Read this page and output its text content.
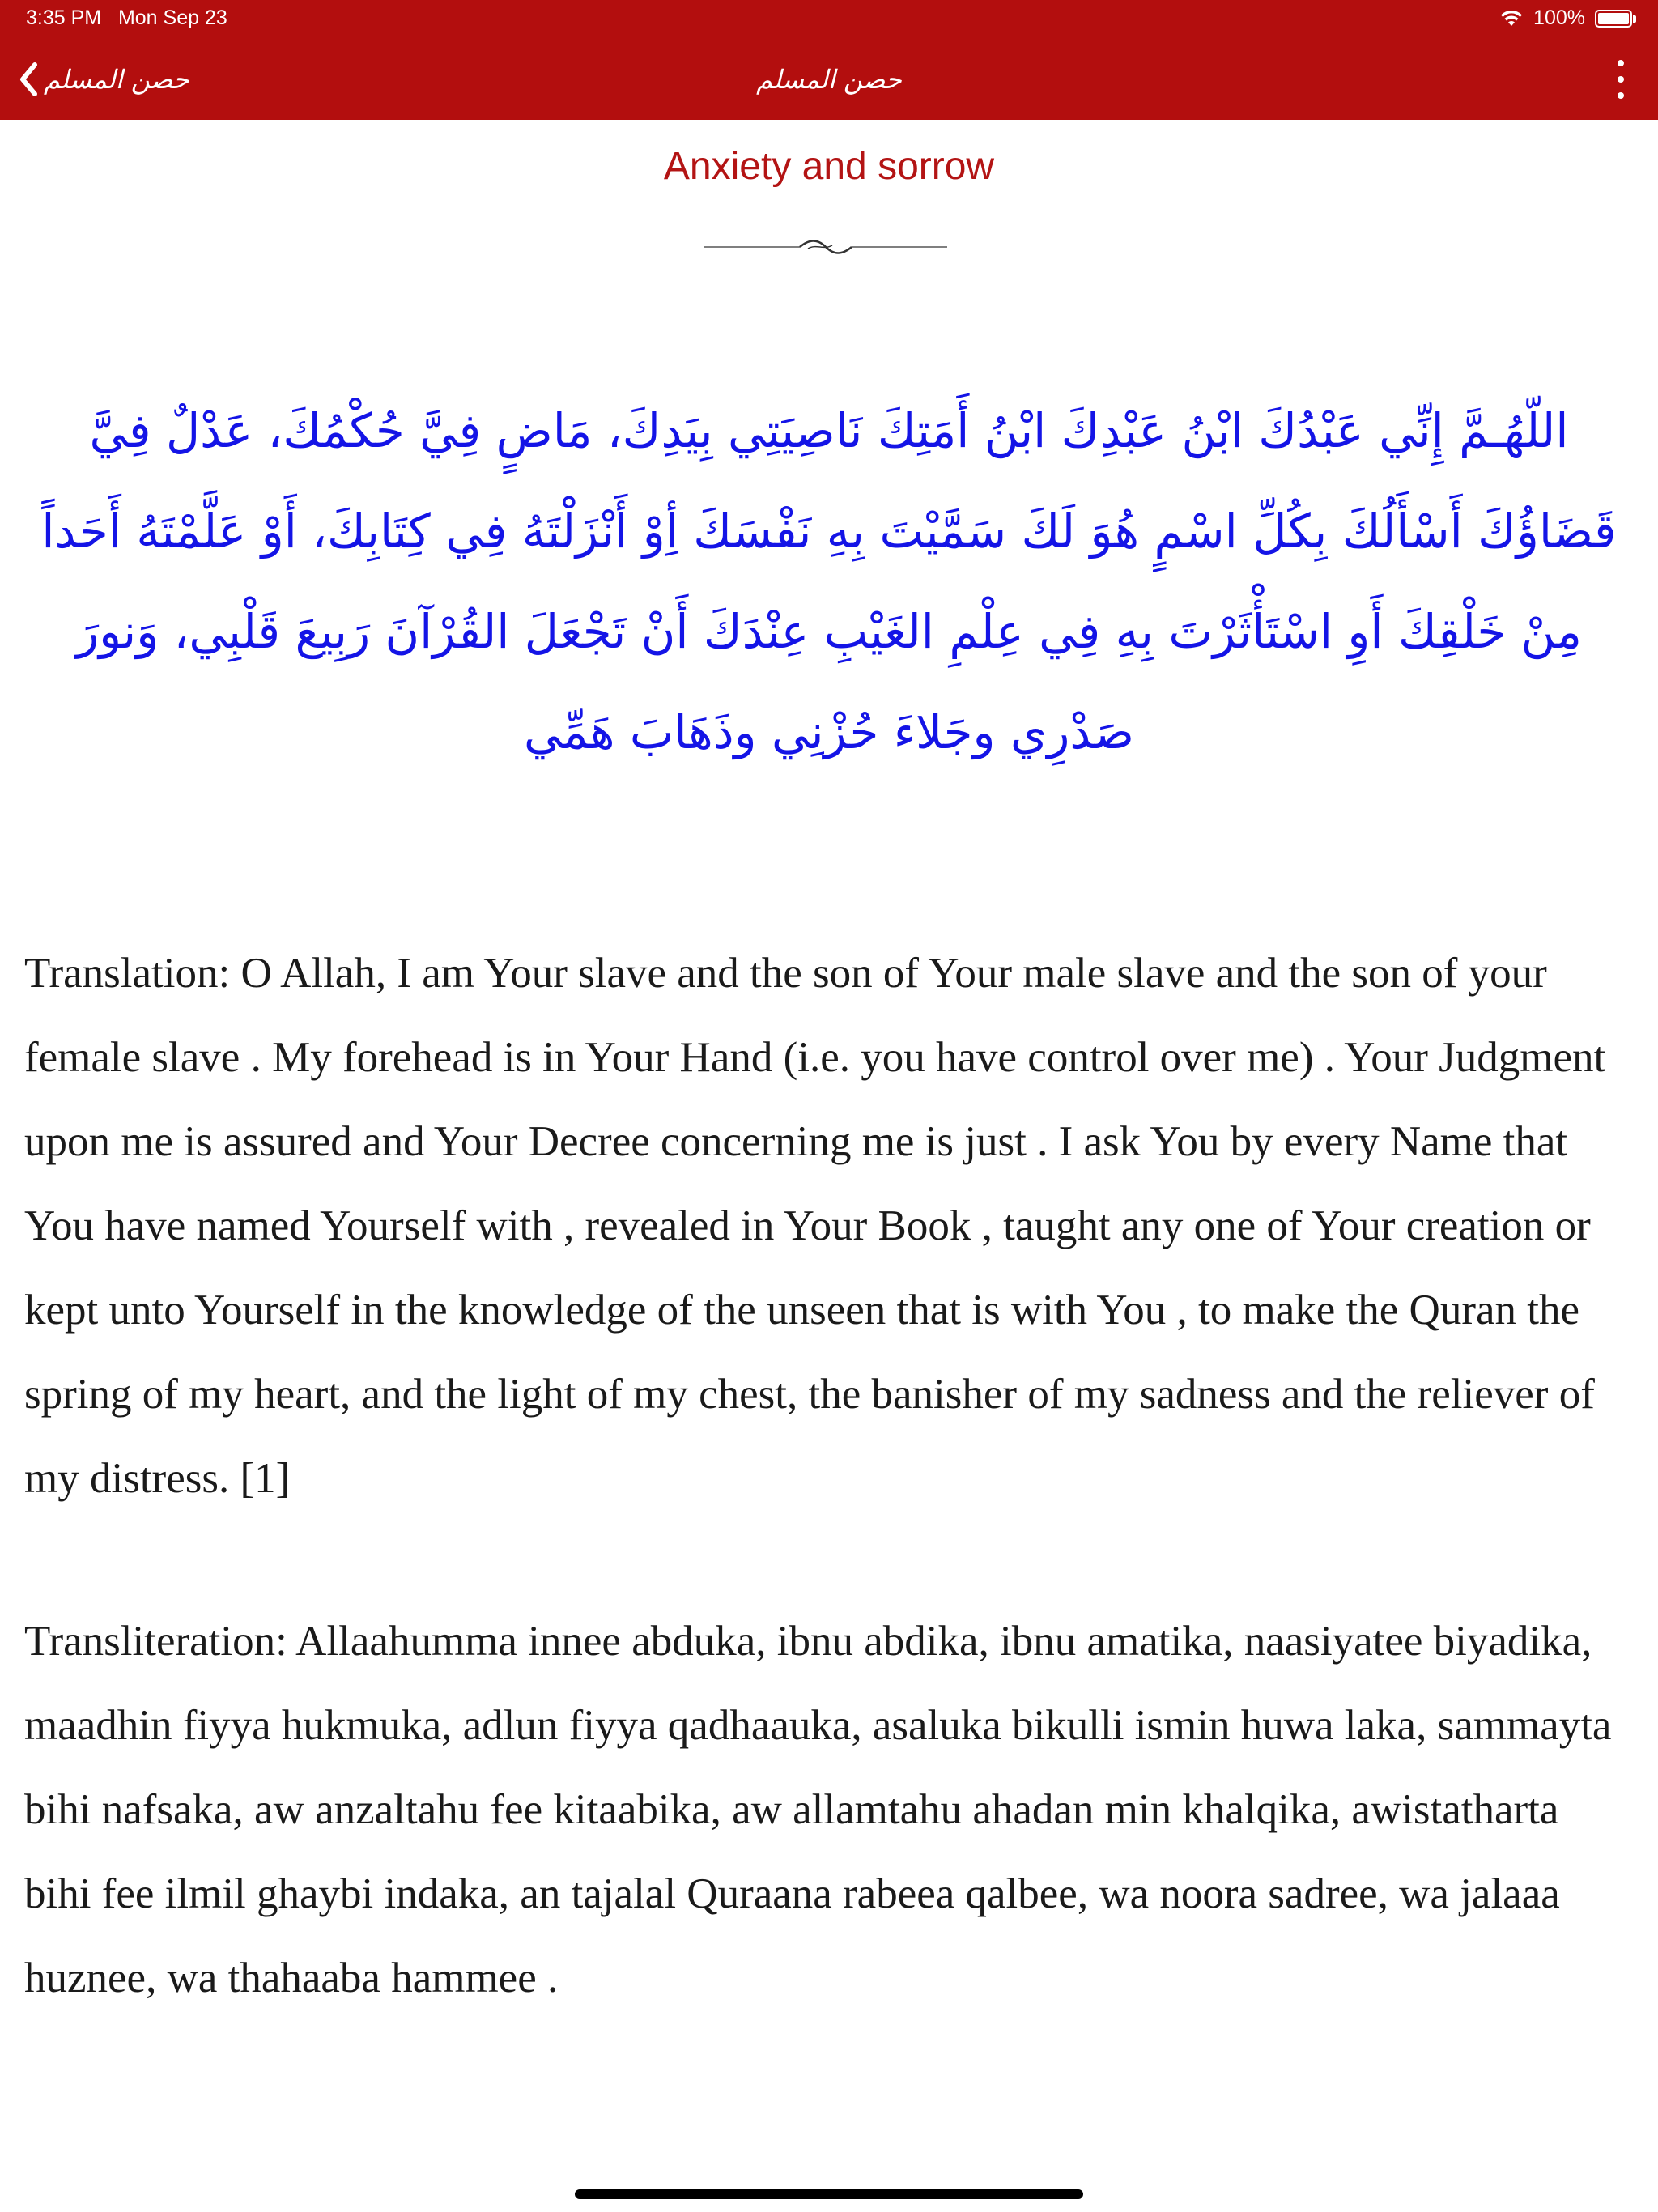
3:35 PM Mon Sep 23	100%
حصن المسلم	حصن المسلم
Anxiety and sorrow
اللّهُـمَّ إِنِّي عَبْدُكَ ابْنُ عَبْدِكَ ابْنُ أَمَتِكَ نَاصِيَتِي بِيَدِكَ، مَاضٍ فِيَّ حُكْمُكَ، عَدْلٌ فِيَّ قَضَاؤُكَ أَسْأَلُكَ بِكُلِّ اسْمٍ هُوَ لَكَ سَمَّيْتَ بِهِ نَفْسَكَ أِوْ أَنْزَلْتَهُ فِي كِتَابِكَ، أَوْ عَلَّمْتَهُ أَحَداً مِنْ خَلْقِكَ أَوِ اسْتَأْثَرْتَ بِهِ فِي عِلْمِ الغَيْبِ عِنْدَكَ أَنْ تَجْعَلَ القُرْآنَ رَبِيعَ قَلْبِي، وَنورَ صَدْرِي وجَلاءَ حُزْنِي وذَهَابَ هَمِّي

Translation: O Allah, I am Your slave and the son of Your male slave and the son of your female slave . My forehead is in Your Hand (i.e. you have control over me) . Your Judgment upon me is assured and Your Decree concerning me is just . I ask You by every Name that You have named Yourself with , revealed in Your Book , taught any one of Your creation or kept unto Yourself in the knowledge of the unseen that is with You , to make the Quran the spring of my heart, and the light of my chest, the banisher of my sadness and the reliever of my distress. [1]

Transliteration: Allaahumma innee abduka, ibnu abdika, ibnu amatika, naasiyatee biyadika, maadhin fiyya hukmuka, adlun fiyya qadhaauka, asaluka bikulli ismin huwa laka, sammayta bihi nafsaka, aw anzaltahu fee kitaabika, aw allamtahu ahadan min khalqika, awistatharta bihi fee ilmil ghaybi indaka, an tajalal Quraana rabeea qalbee, wa noora sadree, wa jalaaa huznee, wa thahaaba hammee .
